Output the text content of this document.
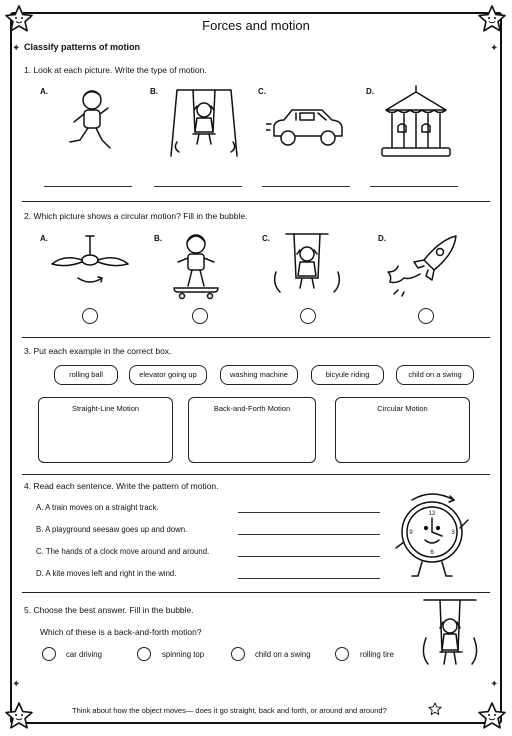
✦	✦
✦	✦
Forces and motion
Classify patterns of motion
1. Look at each picture. Write the type of motion.
A.	B.	C.	D.
2. Which picture shows a circular motion? Fill in the bubble.
A.	B.	C.	D.
3. Put each example in the correct box.
rolling ball	elevator going up	washing machine	bicyule riding	child on a swing
Straight-Line Motion	Back-and-Forth Motion	Circular Motion
4. Read each sentence. Write the pattern of motion.
A. A train moves on a straight track.
B. A playground seesaw goes up and down.
C. The hands of a clock move around and around.
D. A kite moves left and right in the wind.
12
3
6
9
5. Choose the best answer. Fill in the bubble.
Which of these is a back-and-forth motion?
car driving	spinning top	child on a swing	rolling tire
Think about how the object moves— does it go straight, back and forth, or around and around?
